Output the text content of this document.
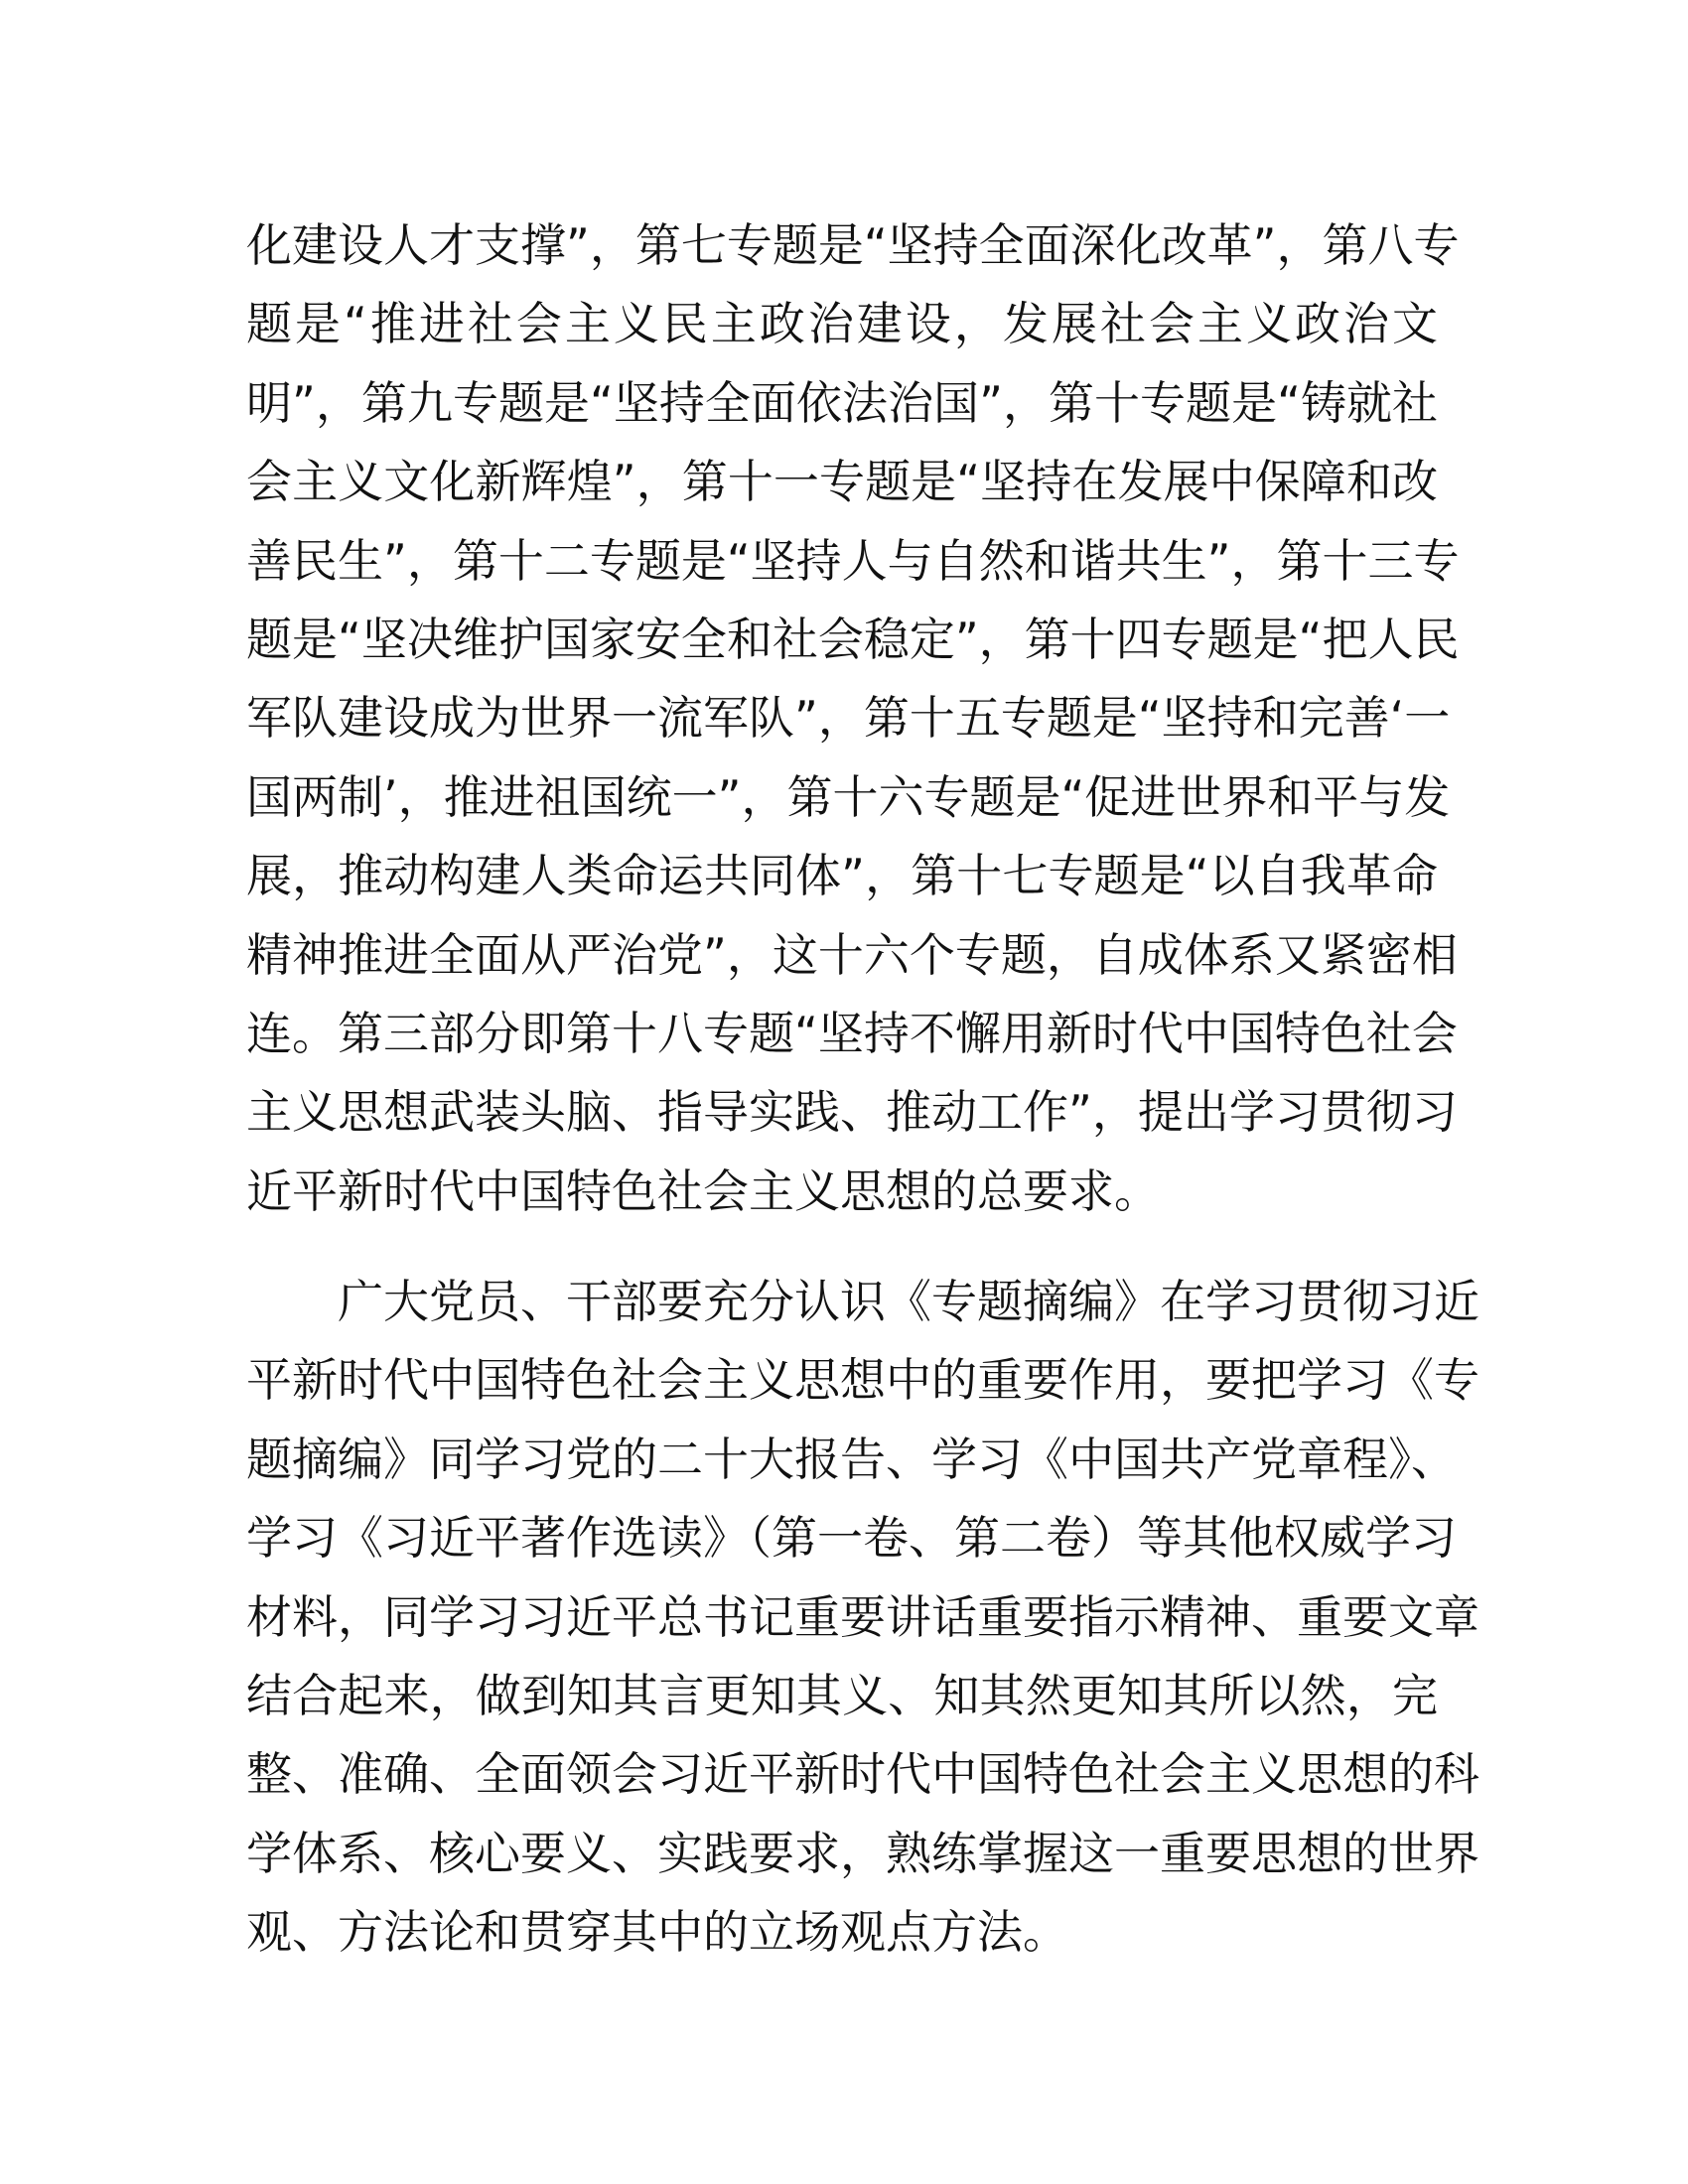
化建设人才支撑”，第七专题是“坚持全面深化改革”，第八专
题是“推进社会主义民主政治建设，发展社会主义政治文
明”，第九专题是“坚持全面依法治国”，第十专题是“铸就社
会主义文化新辉煌”，第十一专题是“坚持在发展中保障和改
善民生”，第十二专题是“坚持人与自然和谐共生”，第十三专
题是“坚决维护国家安全和社会稳定”，第十四专题是“把人民
军队建设成为世界一流军队”，第十五专题是“坚持和完善‘一
国两制’，推进祖国统一”，第十六专题是“促进世界和平与发
展，推动构建人类命运共同体”，第十七专题是“以自我革命
精神推进全面从严治党”，这十六个专题，自成体系又紧密相
连。第三部分即第十八专题“坚持不懈用新时代中国特色社会
主义思想武装头脑、指导实践、推动工作”，提出学习贯彻习
近平新时代中国特色社会主义思想的总要求。
　　广大党员、干部要充分认识《专题摘编》在学习贯彻习近
平新时代中国特色社会主义思想中的重要作用，要把学习《专
题摘编》同学习党的二十大报告、学习《中国共产党章程》、
学习《习近平著作选读》（第一卷、第二卷）等其他权威学习
材料，同学习习近平总书记重要讲话重要指示精神、重要文章
结合起来，做到知其言更知其义、知其然更知其所以然，完
整、准确、全面领会习近平新时代中国特色社会主义思想的科
学体系、核心要义、实践要求，熟练掌握这一重要思想的世界
观、方法论和贯穿其中的立场观点方法。
